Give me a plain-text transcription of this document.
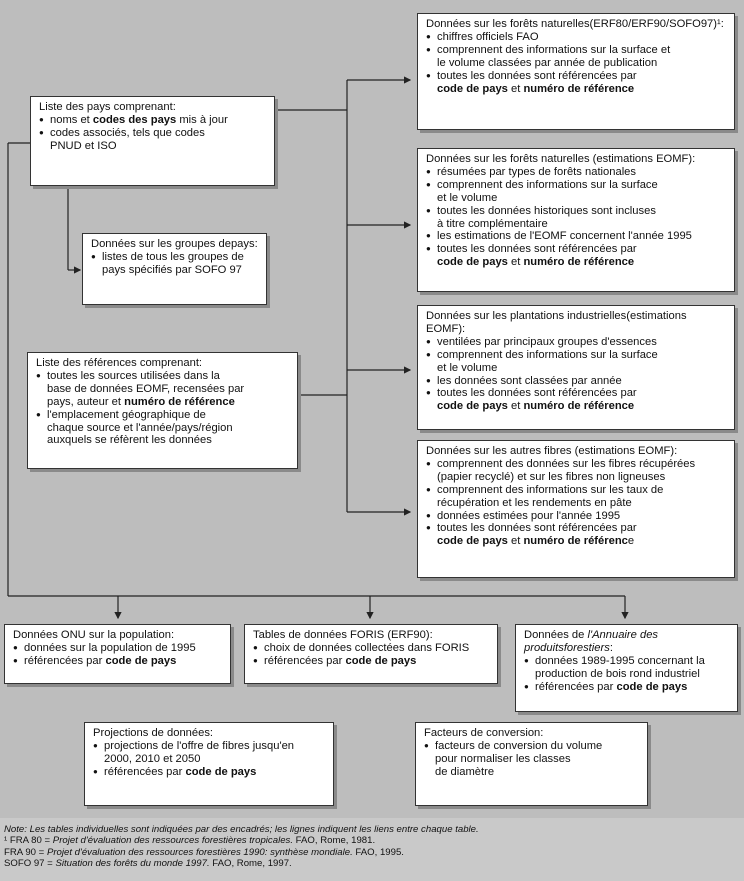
Liste des pays comprenant:
● noms et codes des pays mis à jour
● codes associés, tels que codes
PNUD et ISO
Données sur les groupes depays:
● listes de tous les groupes de
pays spécifiés par SOFO 97
Liste des références comprenant:
● toutes les sources utilisées dans la
base de données EOMF, recensées par
pays, auteur et numéro de référence
● l'emplacement géographique de
chaque source et l'année/pays/région
auxquels se réfèrent les données
Données sur les forêts naturelles(ERF80/ERF90/SOFO97)¹:
● chiffres officiels FAO
● comprennent des informations sur la surface et
le volume classées par année de publication
● toutes les données sont référencées par
code de pays et numéro de référence
Données sur les forêts naturelles (estimations EOMF):
● résumées par types de forêts nationales
● comprennent des informations sur la surface
et le volume
● toutes les données historiques sont incluses
à titre complémentaire
● les estimations de l'EOMF concernent l'année 1995
● toutes les données sont référencées par
code de pays et numéro de référence
Données sur les plantations industrielles(estimations EOMF):
● ventilées par principaux groupes d'essences
● comprennent des informations sur la surface
et le volume
● les données sont classées par année
● toutes les données sont référencées par
code de pays et numéro de référence
Données sur les autres fibres (estimations EOMF):
● comprennent des données sur les fibres récupérées
(papier recyclé) et sur les fibres non ligneuses
● comprennent des informations sur les taux de
récupération et les rendements en pâte
● données estimées pour l'année 1995
● toutes les données sont référencées par
code de pays et numéro de référence
Données ONU sur la population:
● données sur la population de 1995
● référencées par code de pays
Tables de données FORIS (ERF90):
● choix de données collectées dans FORIS
● référencées par code de pays
Données de l'Annuaire des produitsforestiers:
● données 1989-1995 concernant la
production de bois rond industriel
● référencées par code de pays
Projections de données:
● projections de l'offre de fibres jusqu'en
2000, 2010 et 2050
● référencées par code de pays
Facteurs de conversion:
● facteurs de conversion du volume
pour normaliser les classes
de diamètre
Note: Les tables individuelles sont indiquées par des encadrés; les lignes indiquent les liens entre chaque table.
¹ FRA 80 = Projet d'évaluation des ressources forestières tropicales. FAO, Rome, 1981.
FRA 90 = Projet d'évaluation des ressources forestières 1990: synthèse mondiale. FAO, 1995.
SOFO 97 = Situation des forêts du monde 1997. FAO, Rome, 1997.
